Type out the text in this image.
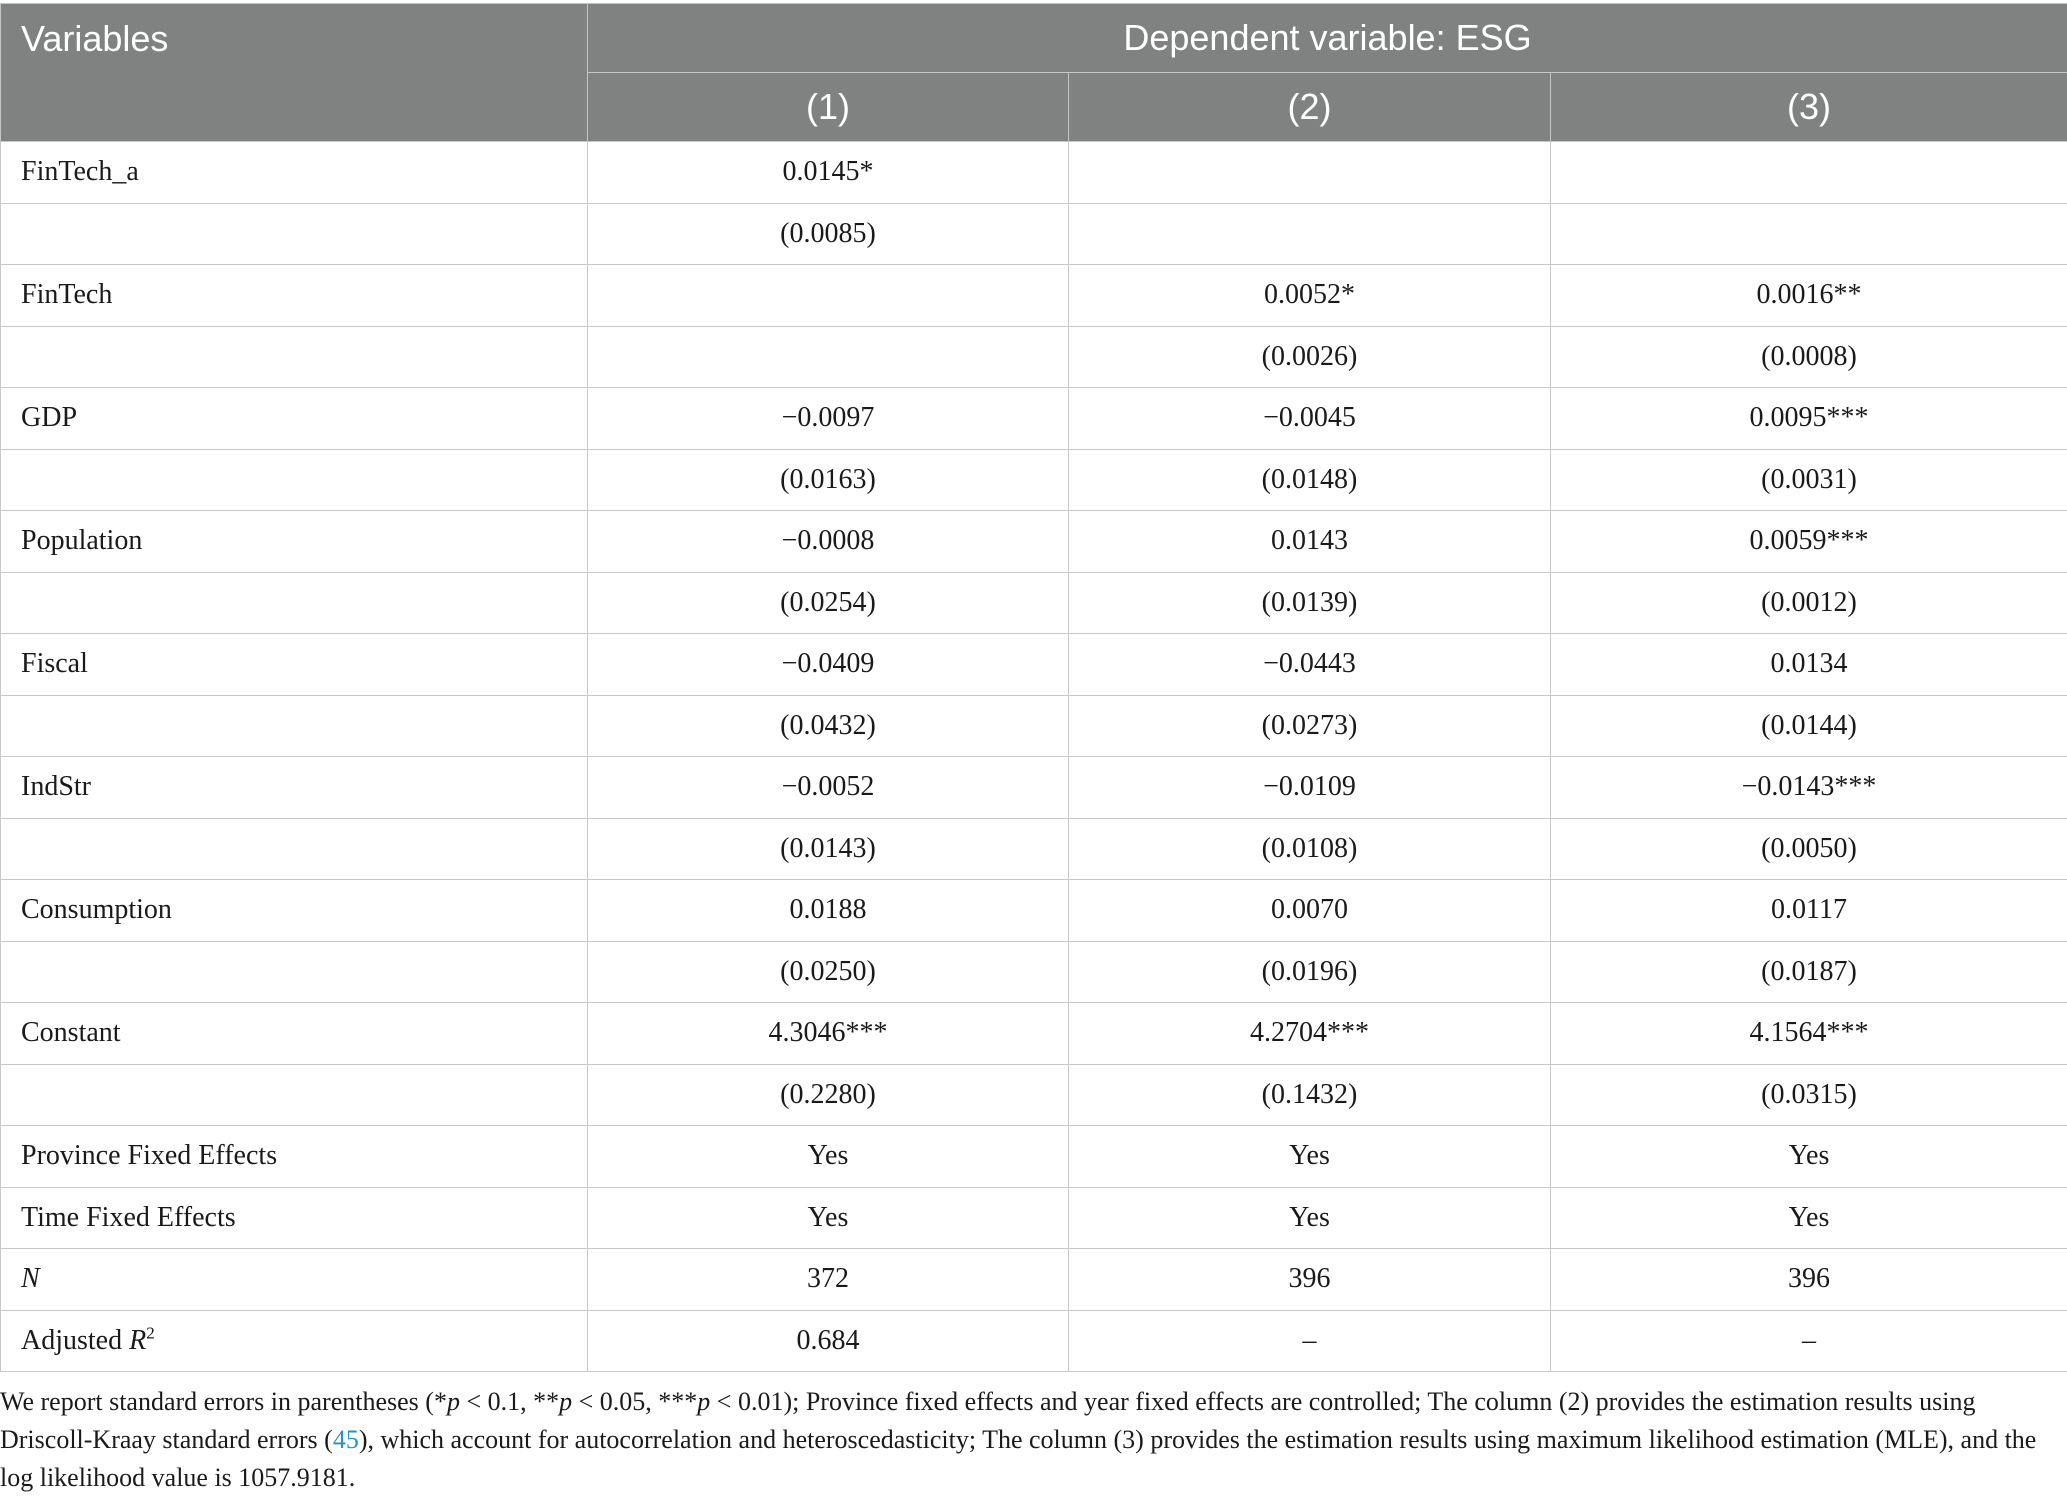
Variables	Dependent variable: ESG		
	(1)	(2)	(3)
FinTech_a	0.0145*		
	(0.0085)		
FinTech		0.0052*	0.0016**
		(0.0026)	(0.0008)
GDP	−0.0097	−0.0045	0.0095***
	(0.0163)	(0.0148)	(0.0031)
Population	−0.0008	0.0143	0.0059***
	(0.0254)	(0.0139)	(0.0012)
Fiscal	−0.0409	−0.0443	0.0134
	(0.0432)	(0.0273)	(0.0144)
IndStr	−0.0052	−0.0109	−0.0143***
	(0.0143)	(0.0108)	(0.0050)
Consumption	0.0188	0.0070	0.0117
	(0.0250)	(0.0196)	(0.0187)
Constant	4.3046***	4.2704***	4.1564***
	(0.2280)	(0.1432)	(0.0315)
Province Fixed Effects	Yes	Yes	Yes
Time Fixed Effects	Yes	Yes	Yes
N	372	396	396
Adjusted $R^2$	0.684	–	–
We report standard errors in parentheses (*p < 0.1, **p < 0.05, ***p < 0.01); Province fixed effects and year fixed effects are controlled; The column (2) provides the estimation results using Driscoll-Kraay standard errors (45), which account for autocorrelation and heteroscedasticity; The column (3) provides the estimation results using maximum likelihood estimation (MLE), and the log likelihood value is 1057.9181.
